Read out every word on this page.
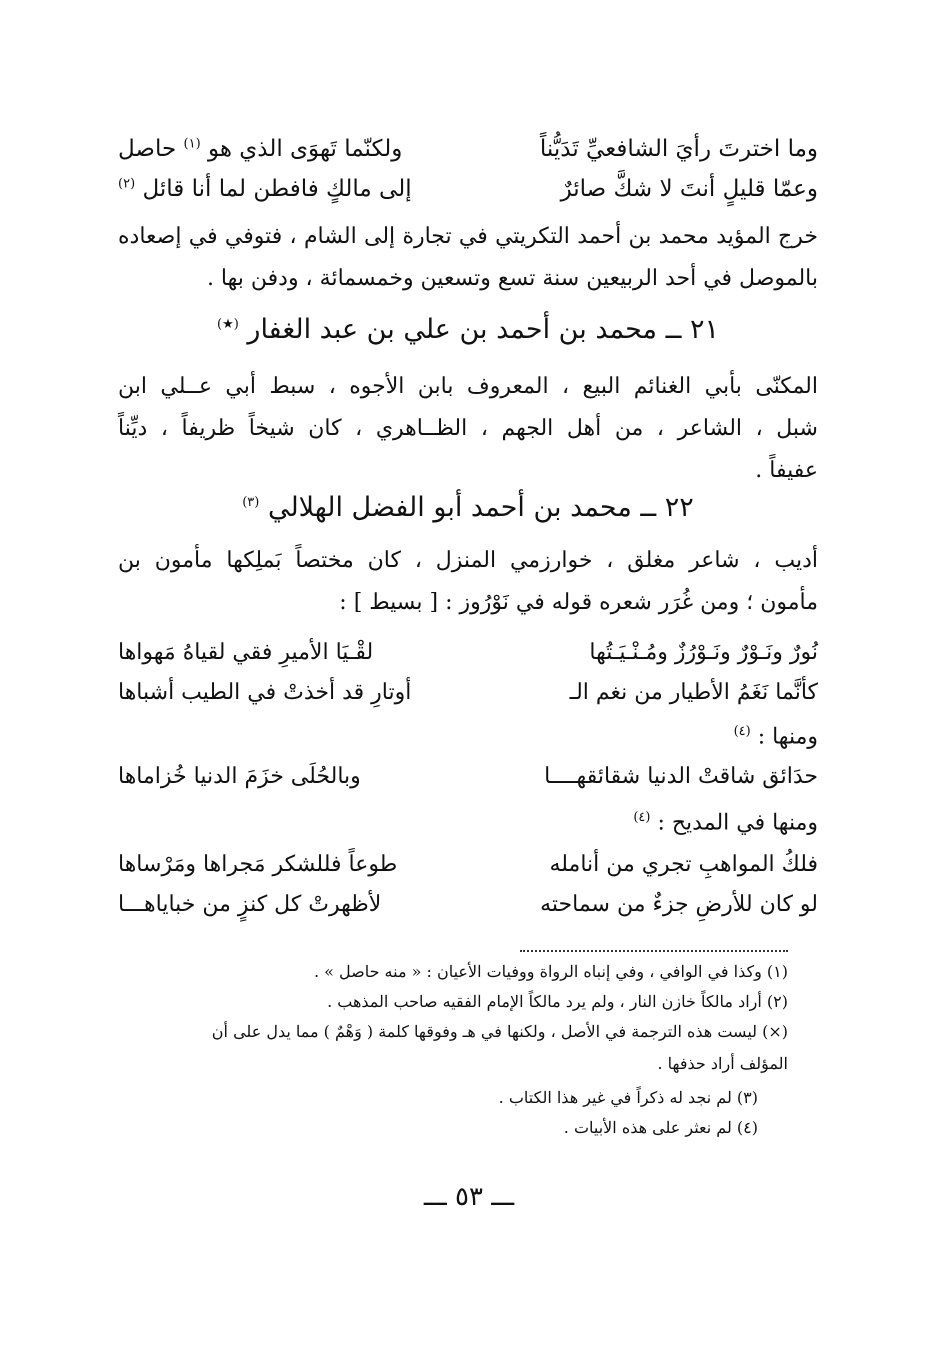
وما اخترتَ رأيَ الشافعيِّ تَدَيُّناً
ولكنّما تَهوَى الذي هو $^{(١)}$ حاصل
وعمّا قليلٍ أنتَ لا شكَّ صائرٌ
إلى مالكٍ فافطن لما أنا قائل $^{(٢)}$
خرج المؤيد محمد بن أحمد التكريتي في تجارة إلى الشام ، فتوفي في إصعاده
بالموصل في أحد الربيعين سنة تسع وتسعين وخمسمائة ، ودفن بها .
٢١ ــ محمد بن أحمد بن علي بن عبد الغفار (★)
المكنّى بأبي الغنائم البيع ، المعروف بابن الأجوه ، سبط أبي عــلي ابن
شبل ، الشاعر ، من أهل الجهم ، الظــاهري ، كان شيخاً ظريفاً ، ديِّناً
عفيفاً .
٢٢ ــ محمد بن أحمد أبو الفضل الهلالي $^{(٣)}$
أديب ، شاعر مغلق ، خوارزمي المنزل ، كان مختصاً بَملِكها مأمون بن
مأمون ؛ ومن غُرَر شعره قوله في نَوْرُوز : [ بسيط ] :
نُورٌ ونَـوْرٌ ونَـوْرُزٌ ومُـنْـيَـتُها
لقْـيَا الأميرِ فقي لقياهُ مَهواها
كأنَّما نَغَمُ الأطيار من نغم الـ
أوتارِ قد أخذتْ في الطيب أشباها
ومنها : $^{(٤)}$
حدَائق شاقتْ الدنيا شقائقهــــا
وبالحُلَى خزَمَ الدنيا خُزاماها
ومنها في المديح : $^{(٤)}$
فلكُ المواهبِ تجري من أنامله
طوعاً فللشكر مَجراها ومَرْساها
لو كان للأرضِ جزءٌ من سماحته
لأظهرتْ كل كنزٍ من خباياهـــا
(١) وكذا في الوافي ، وفي إنباه الرواة ووفيات الأعيان : « منه حاصل » .
(٢) أراد مالكاً خازن النار ، ولم يرد مالكاً الإمام الفقيه صاحب المذهب .
(×) ليست هذه الترجمة في الأصل ، ولكنها في هـ وفوقها كلمة ( وَهْمٌ ) مما يدل على أن
المؤلف أراد حذفها .
(٣) لم نجد له ذكراً في غير هذا الكتاب .
(٤) لم نعثر على هذه الأبيات .
ـــ ٥٣ ـــ
